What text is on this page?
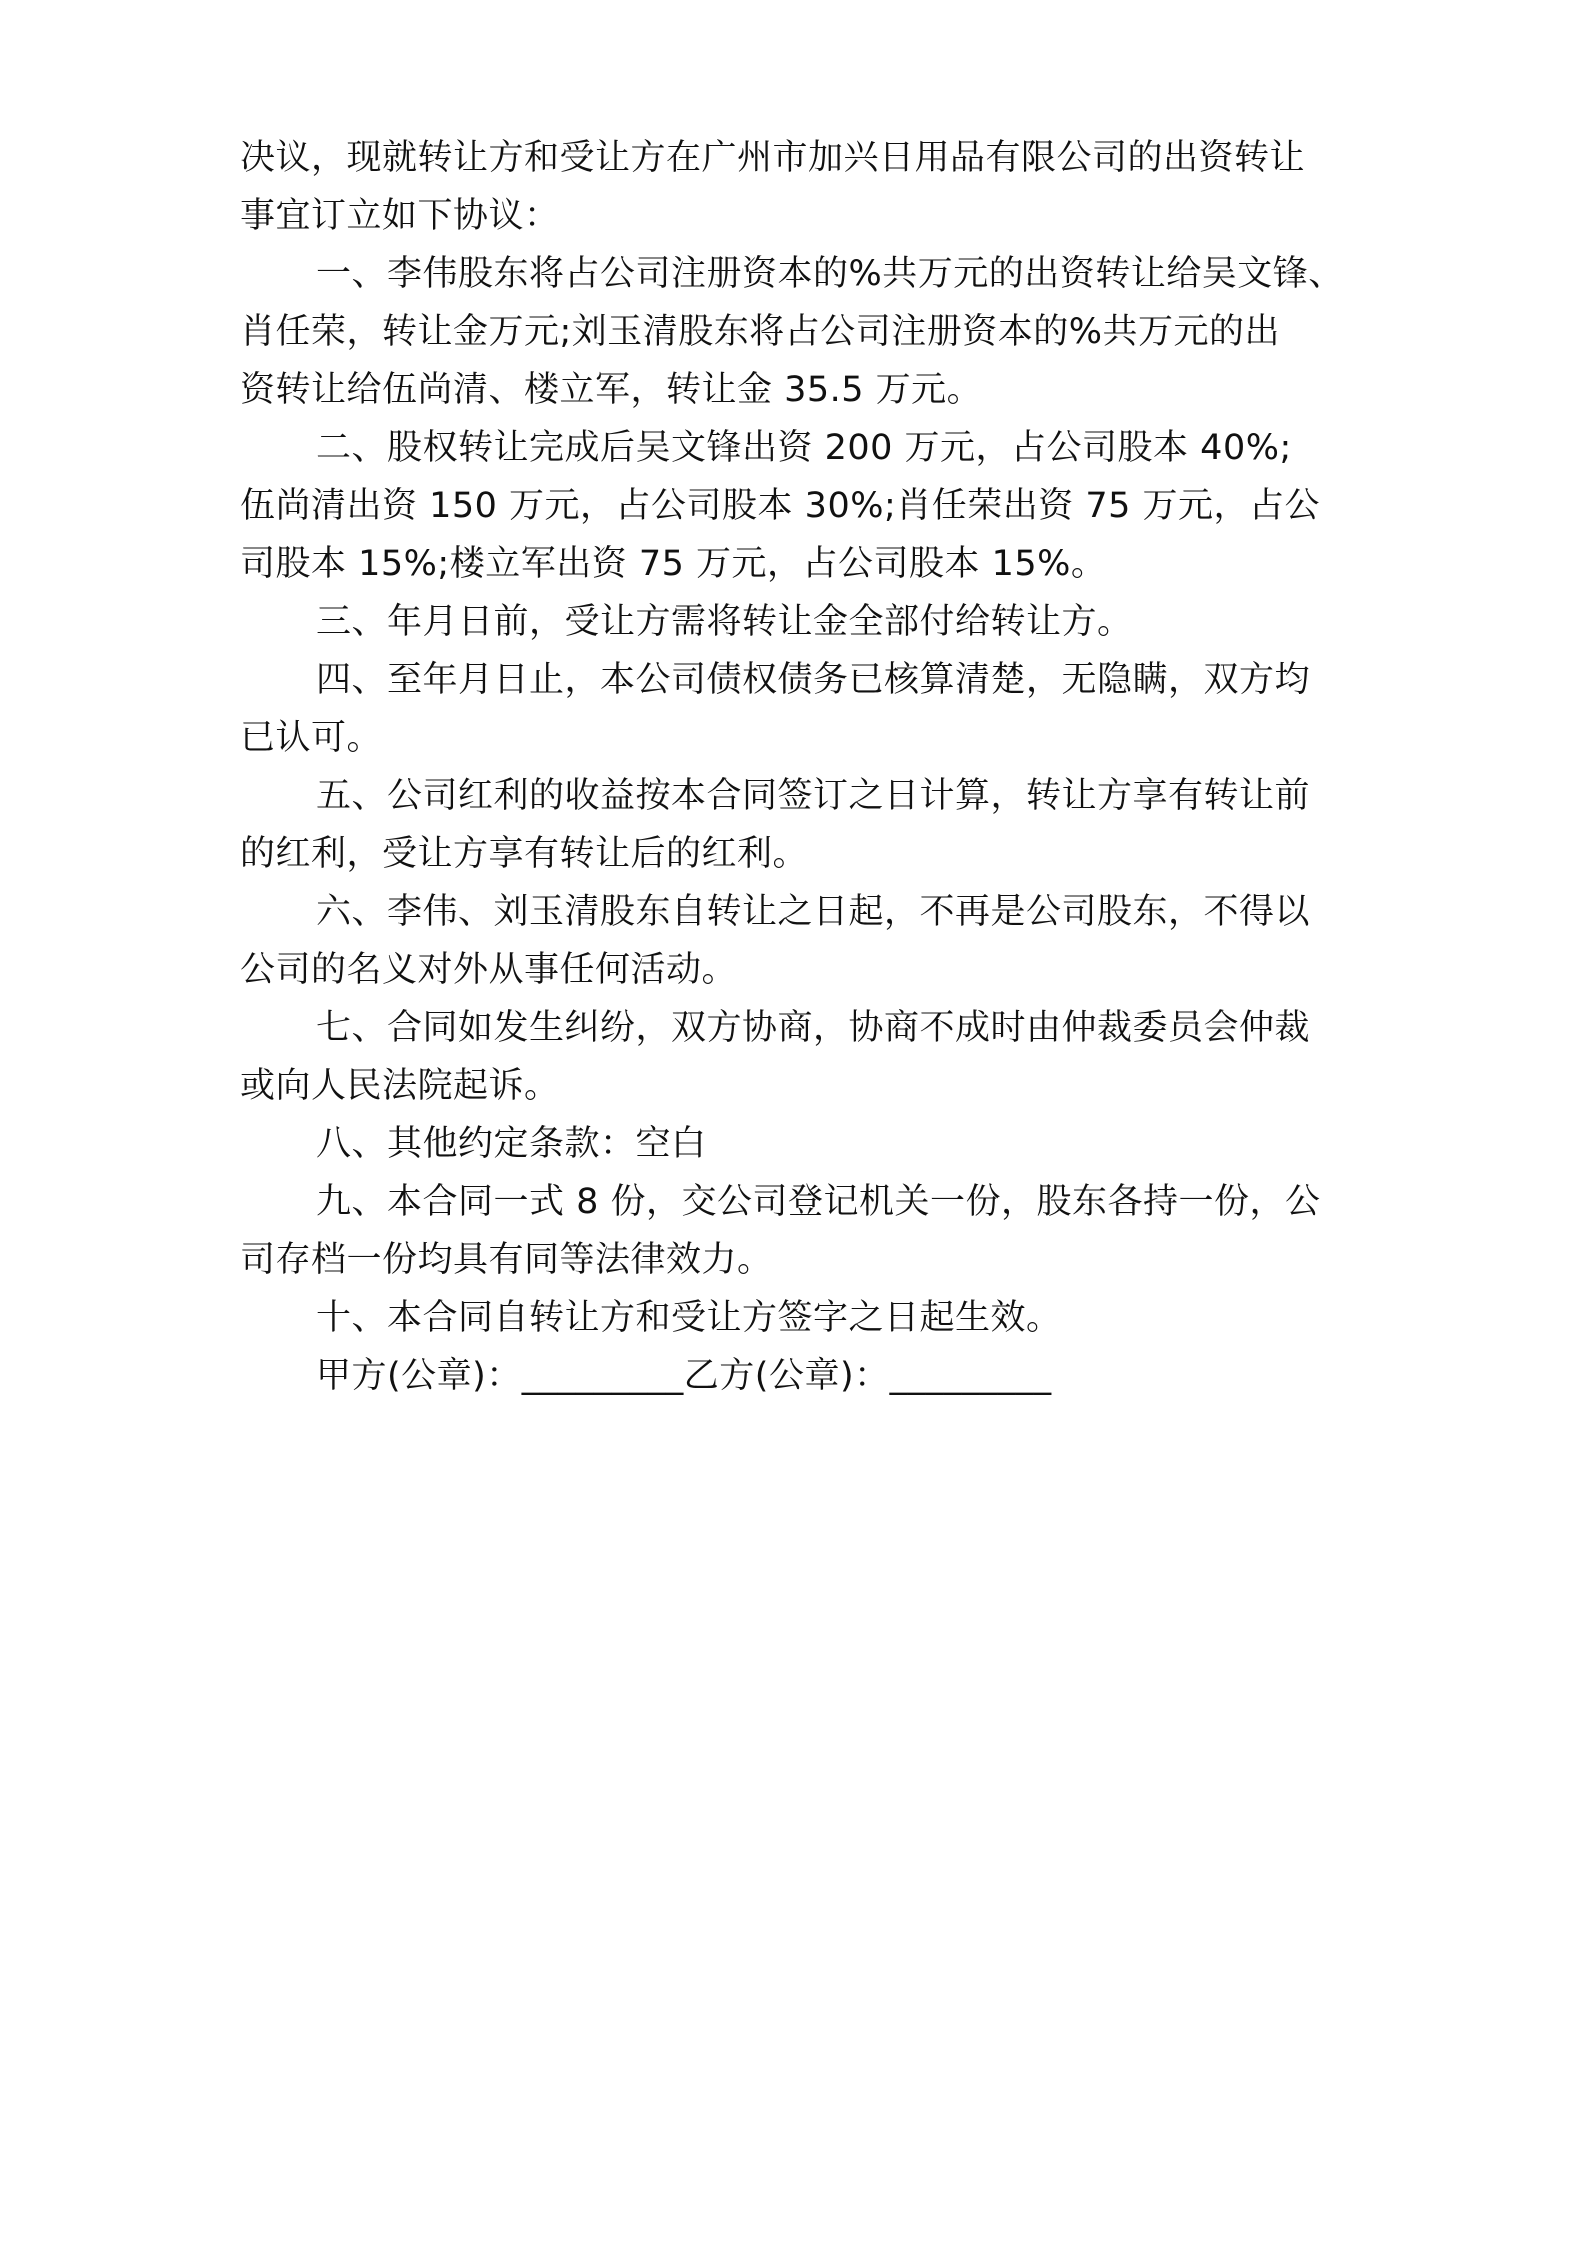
决议，现就转让方和受让方在广州市加兴日用品有限公司的出资转让
事宜订立如下协议：
一、李伟股东将占公司注册资本的%共万元的出资转让给吴文锋、
肖任荣，转让金万元;刘玉清股东将占公司注册资本的%共万元的出
资转让给伍尚清、楼立军，转让金 35.5 万元。
二、股权转让完成后吴文锋出资 200 万元，占公司股本 40%;
伍尚清出资 150 万元，占公司股本 30%;肖任荣出资 75 万元，占公
司股本 15%;楼立军出资 75 万元，占公司股本 15%。
三、年月日前，受让方需将转让金全部付给转让方。
四、至年月日止，本公司债权债务已核算清楚，无隐瞒，双方均
已认可。
五、公司红利的收益按本合同签订之日计算，转让方享有转让前
的红利，受让方享有转让后的红利。
六、李伟、刘玉清股东自转让之日起，不再是公司股东，不得以
公司的名义对外从事任何活动。
七、合同如发生纠纷，双方协商，协商不成时由仲裁委员会仲裁
或向人民法院起诉。
八、其他约定条款：空白
九、本合同一式 8 份，交公司登记机关一份，股东各持一份，公
司存档一份均具有同等法律效力。
十、本合同自转让方和受让方签字之日起生效。
甲方(公章)：_________乙方(公章)：_________
